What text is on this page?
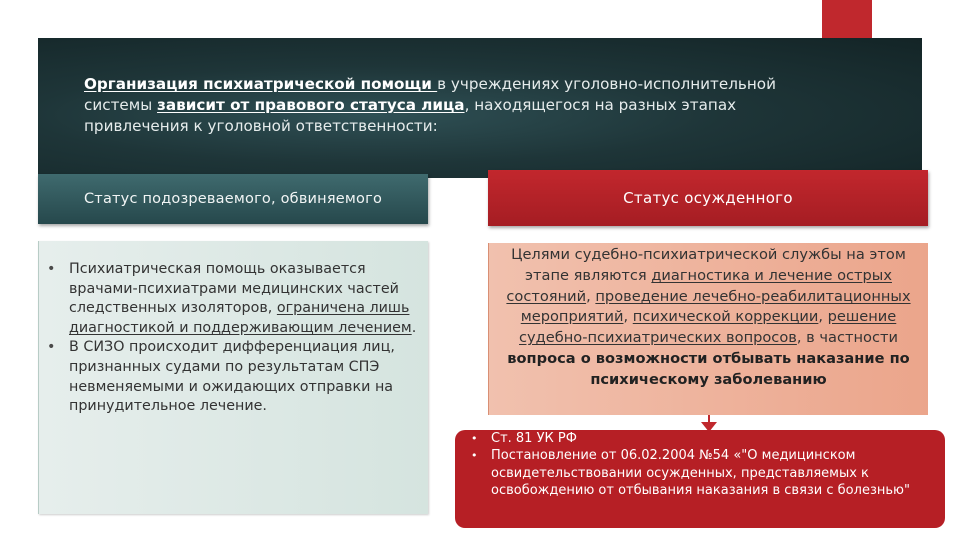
Организация психиатрической помощи в учреждениях уголовно-исполнительной системы зависит от правового статуса лица, находящегося на разных этапах привлечения к уголовной ответственности:
Статус подозреваемого, обвиняемого	Статус осужденного
• Психиатрическая помощь оказывается врачами-психиатрами медицинских частей следственных изоляторов, ограничена лишь диагностикой и поддерживающим лечением.
• В СИЗО происходит дифференциация лиц, признанных судами по результатам СПЭ невменяемыми и ожидающих отправки на принудительное лечение.
Целями судебно-психиатрической службы на этом этапе являются диагностика и лечение острых состояний, проведение лечебно-реабилитационных мероприятий, психической коррекции, решение судебно-психиатрических вопросов, в частности вопроса о возможности отбывать наказание по психическому заболеванию
• Ст. 81 УК РФ
• Постановление от 06.02.2004 №54 «"О медицинском освидетельствовании осужденных, представляемых к освобождению от отбывания наказания в связи с болезнью"
